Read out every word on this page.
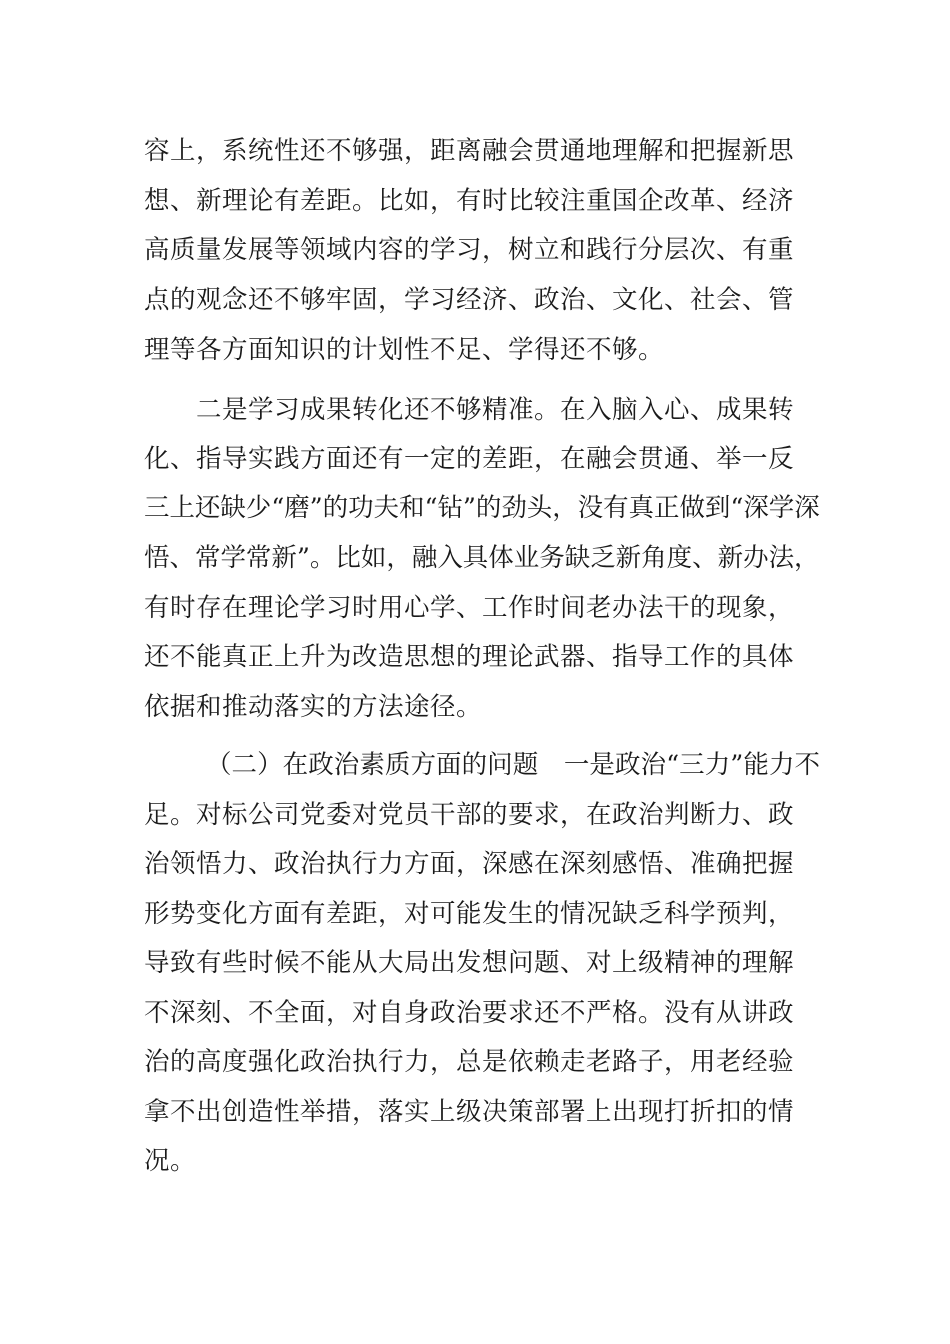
容上，系统性还不够强，距离融会贯通地理解和把握新思
想、新理论有差距。比如，有时比较注重国企改革、经济
高质量发展等领域内容的学习，树立和践行分层次、有重
点的观念还不够牢固，学习经济、政治、文化、社会、管
理等各方面知识的计划性不足、学得还不够。
二是学习成果转化还不够精准。在入脑入心、成果转
化、指导实践方面还有一定的差距，在融会贯通、举一反
三上还缺少“磨”的功夫和“钻”的劲头，没有真正做到“深学深
悟、常学常新”。比如，融入具体业务缺乏新角度、新办法，
有时存在理论学习时用心学、工作时间老办法干的现象，
还不能真正上升为改造思想的理论武器、指导工作的具体
依据和推动落实的方法途径。
（二）在政治素质方面的问题　一是政治“三力”能力不
足。对标公司党委对党员干部的要求，在政治判断力、政
治领悟力、政治执行力方面，深感在深刻感悟、准确把握
形势变化方面有差距，对可能发生的情况缺乏科学预判，
导致有些时候不能从大局出发想问题、对上级精神的理解
不深刻、不全面，对自身政治要求还不严格。没有从讲政
治的高度强化政治执行力，总是依赖走老路子，用老经验
拿不出创造性举措，落实上级决策部署上出现打折扣的情
况。
